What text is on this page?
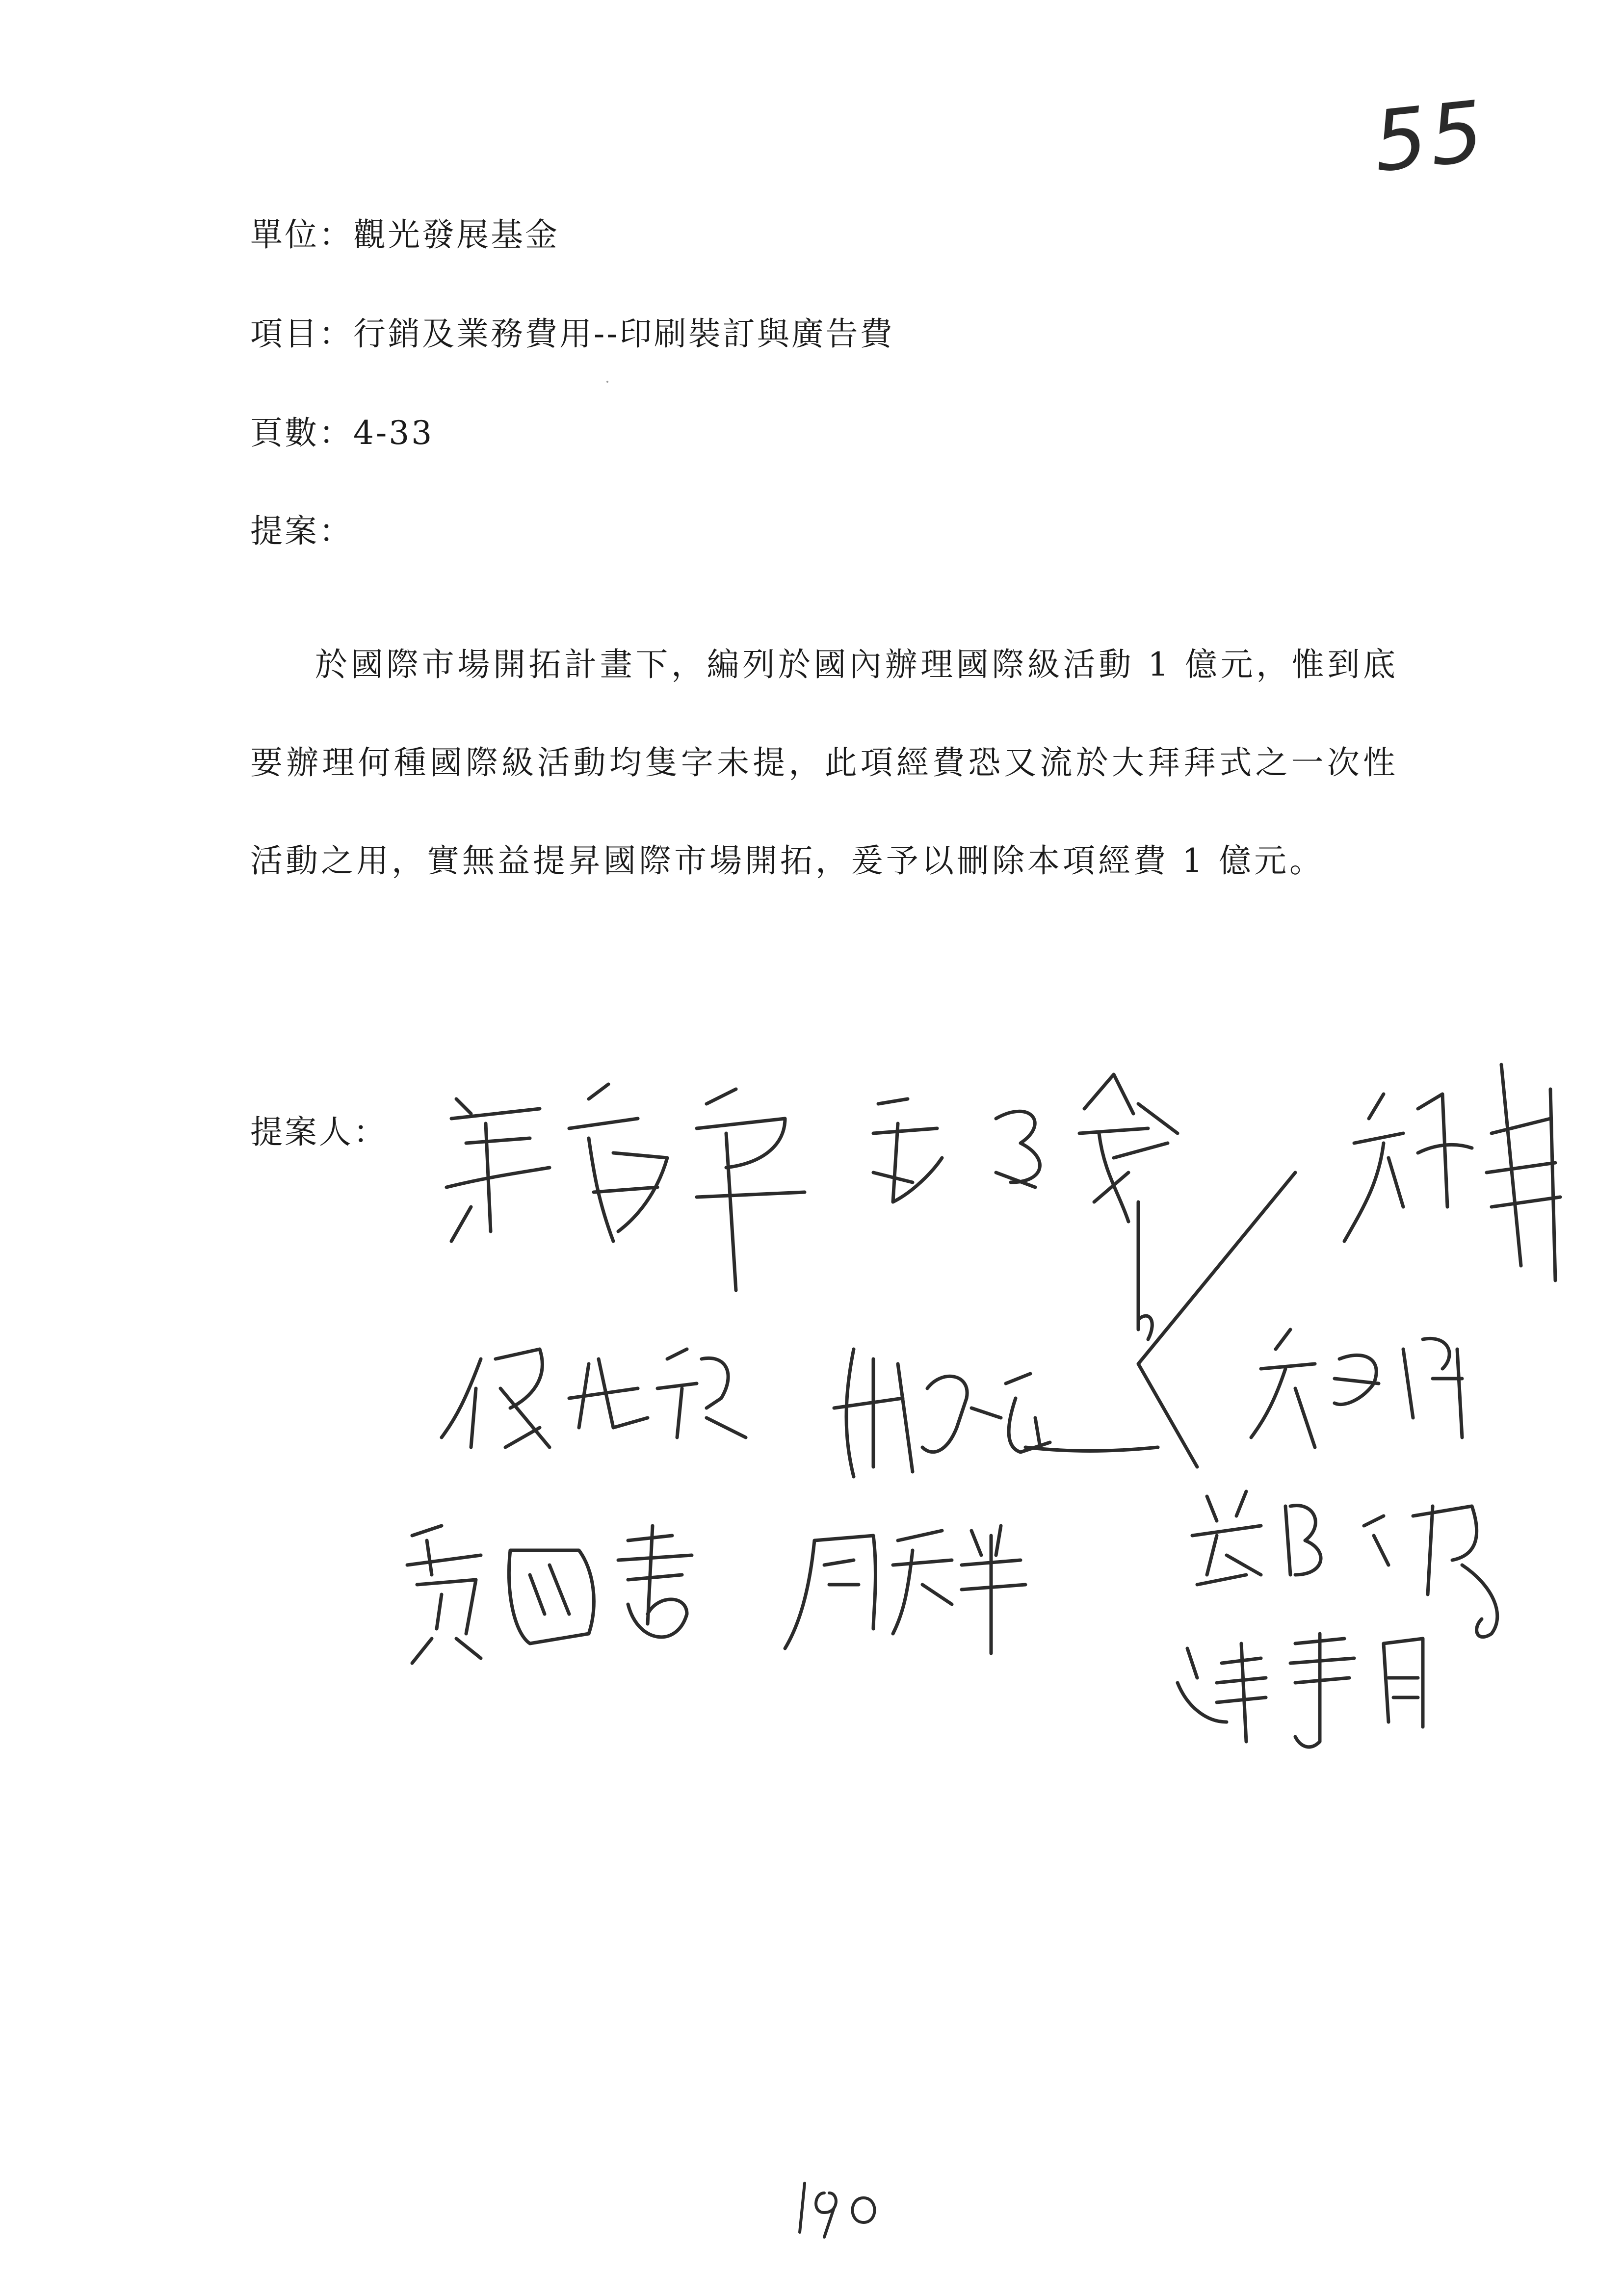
55
單位：觀光發展基金
項目：行銷及業務費用--印刷裝訂與廣告費
頁數：4-33
提案：

於國際市場開拓計畫下，編列於國內辦理國際級活動 1 億元，惟到底要辦理何種國際級活動均隻字未提，此項經費恐又流於大拜拜式之一次性活動之用，實無益提昇國際市場開拓，爰予以刪除本項經費 1 億元。

提案人：
